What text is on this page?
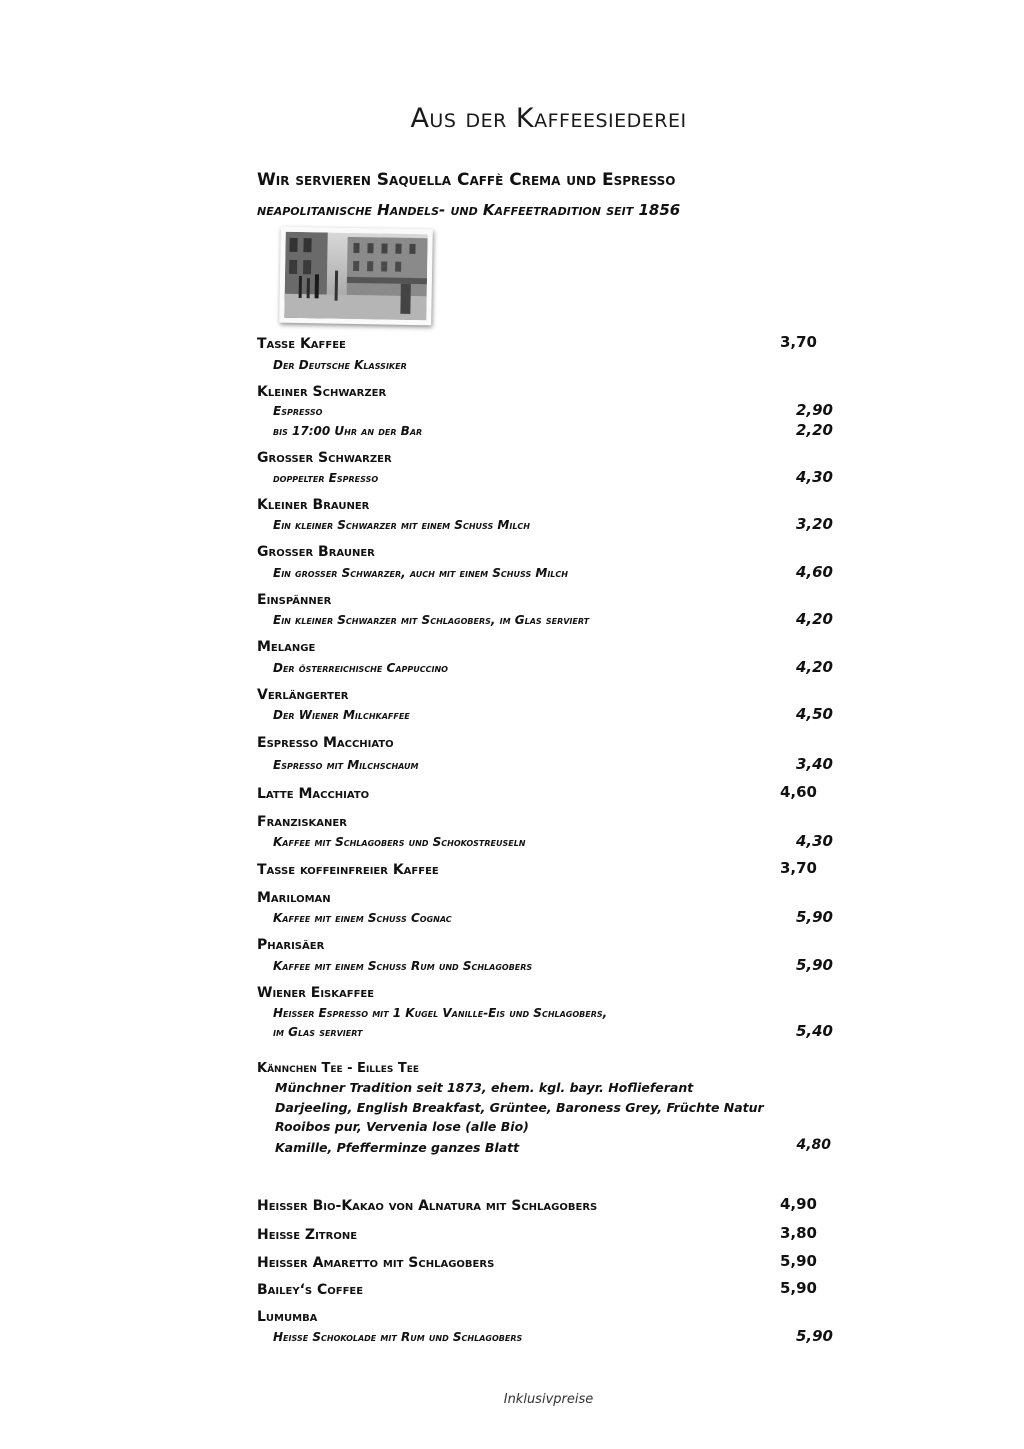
Aus der Kaffeesiederei
Wir servieren Saquella Caffè Crema und Espresso
neapolitanische Handels- und Kaffeetradition seit 1856
Tasse Kaffee	3,70
Der Deutsche Klassiker
Kleiner Schwarzer
Espresso	2,90
bis 17:00 Uhr an der Bar	2,20
Grosser Schwarzer
doppelter Espresso	4,30
Kleiner Brauner
Ein kleiner Schwarzer mit einem Schuss Milch	3,20
Grosser Brauner
Ein großer Schwarzer, auch mit einem Schuss Milch	4,60
Einspänner
Ein kleiner Schwarzer mit Schlagobers, im Glas serviert	4,20
Melange
Der österreichische Cappuccino	4,20
Verlängerter
Der Wiener Milchkaffee	4,50
Espresso Macchiato
Espresso mit Milchschaum	3,40
Latte Macchiato	4,60
Franziskaner
Kaffee mit Schlagobers und Schokostreuseln	4,30
Tasse koffeinfreier Kaffee	3,70
Mariloman
Kaffee mit einem Schuß Cognac	5,90
Pharisäer
Kaffee mit einem Schuß Rum und Schlagobers	5,90
Wiener Eiskaffee
Heißer Espresso mit 1 Kugel Vanille-Eis und Schlagobers,
im Glas serviert	5,40
Kännchen Tee - Eilles Tee
Münchner Tradition seit 1873, ehem. kgl. bayr. Hoflieferant
Darjeeling, English Breakfast, Grüntee, Baroness Grey, Früchte Natur
Rooibos pur, Vervenia lose (alle Bio)
Kamille, Pfefferminze ganzes Blatt	4,80
Heisser Bio-Kakao von Alnatura mit Schlagobers	4,90
Heisse Zitrone	3,80
Heisser Amaretto mit Schlagobers	5,90
Bailey‘s Coffee	5,90
Lumumba
Heiße Schokolade mit Rum und Schlagobers	5,90
Inklusivpreise
